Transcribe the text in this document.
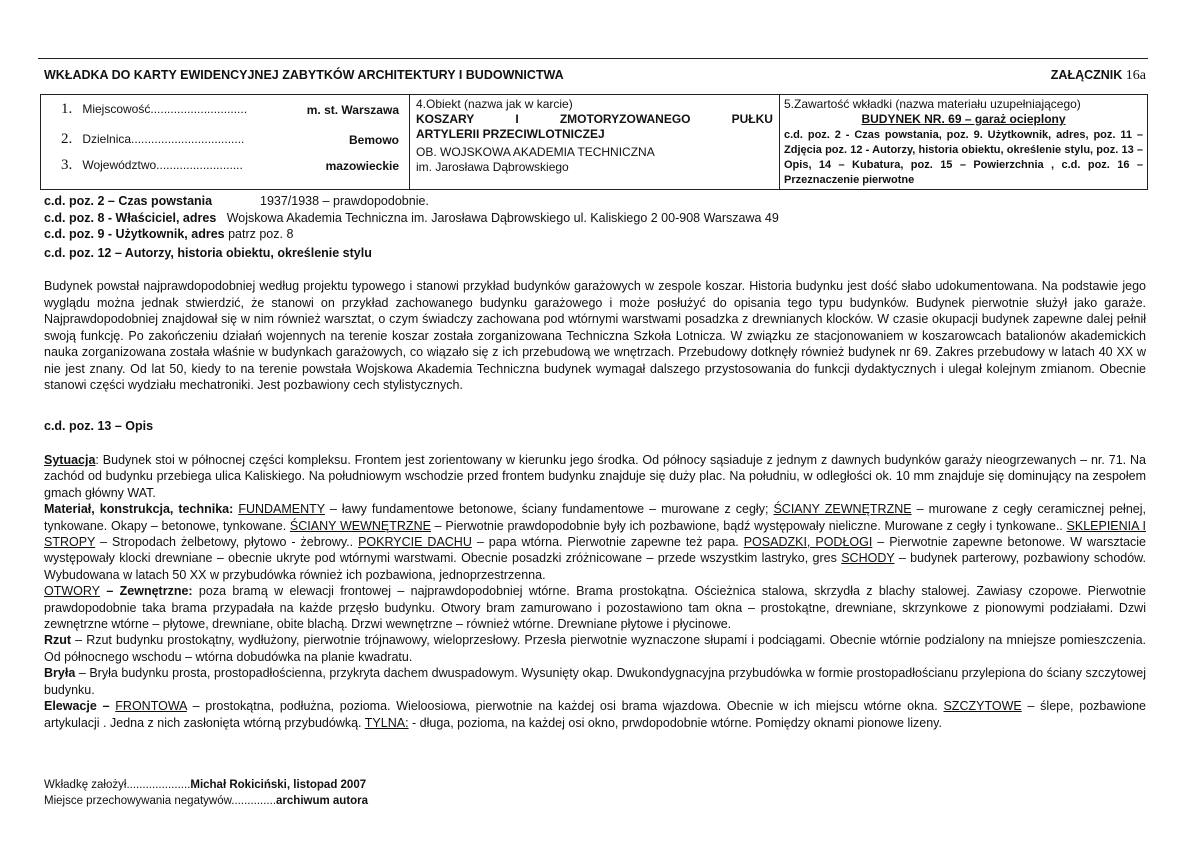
WKŁADKA DO KARTY EWIDENCYJNEJ ZABYTKÓW ARCHITEKTURY I BUDOWNICTWA	ZAŁĄCZNIK 16a
1. Miejscowość.............................	m. st. Warszawa
2. Dzielnica..................................	Bemowo
3. Województwo..........................	mazowieckie
4.Obiekt (nazwa jak w karcie)
KOSZARY	I	ZMOTORYZOWANEGO	PUŁKU
ARTYLERII PRZECIWLOTNICZEJ
OB. WOJSKOWA AKADEMIA TECHNICZNA
im. Jarosława Dąbrowskiego
5.Zawartość wkładki (nazwa materiału uzupełniającego)
BUDYNEK NR. 69 – garaż ocieplony
c.d. poz. 2 - Czas powstania, poz. 9. Użytkownik, adres, poz. 11 – Zdjęcia poz. 12 - Autorzy, historia obiektu, określenie stylu, poz. 13 – Opis, 14 – Kubatura, poz. 15 – Powierzchnia , c.d. poz. 16 – Przeznaczenie pierwotne
c.d. poz. 2 – Czas powstania	1937/1938 – prawdopodobnie.
c.d. poz. 8 - Właściciel, adres Wojskowa Akademia Techniczna im. Jarosława Dąbrowskiego ul. Kaliskiego 2 00-908 Warszawa 49
c.d. poz. 9 - Użytkownik, adres patrz poz. 8
c.d. poz. 12 – Autorzy, historia obiektu, określenie stylu

Budynek powstał najprawdopodobniej według projektu typowego i stanowi przykład budynków garażowych w zespole koszar. Historia budynku jest dość słabo udokumentowana. Na podstawie jego wyglądu można jednak stwierdzić, że stanowi on przykład zachowanego budynku garażowego i może posłużyć do opisania tego typu budynków. Budynek pierwotnie służył jako garaże. Najprawdopodobniej znajdował się w nim również warsztat, o czym świadczy zachowana pod wtórnymi warstwami posadzka z drewnianych klocków. W czasie okupacji budynek zapewne dalej pełnił swoją funkcję. Po zakończeniu działań wojennych na terenie koszar została zorganizowana Techniczna Szkoła Lotnicza. W związku ze stacjonowaniem w koszarowcach batalionów akademickich nauka zorganizowana została właśnie w budynkach garażowych, co wiązało się z ich przebudową we wnętrzach. Przebudowy dotknęły również budynek nr 69. Zakres przebudowy w latach 40 XX w nie jest znany. Od lat 50, kiedy to na terenie powstała Wojskowa Akademia Techniczna budynek wymagał dalszego przystosowania do funkcji dydaktycznych i ulegał kolejnym zmianom. Obecnie stanowi części wydziału mechatroniki. Jest pozbawiony cech stylistycznych.

c.d. poz. 13 – Opis

Sytuacja: Budynek stoi w północnej części kompleksu. Frontem jest zorientowany w kierunku jego środka. Od północy sąsiaduje z jednym z dawnych budynków garaży nieogrzewanych – nr. 71. Na zachód od budynku przebiega ulica Kaliskiego. Na południowym wschodzie przed frontem budynku znajduje się duży plac. Na południu, w odległości ok. 10 mm znajduje się dominujący na zespołem gmach główny WAT.
Materiał, konstrukcja, technika: FUNDAMENTY – ławy fundamentowe betonowe, ściany fundamentowe – murowane z cegły; ŚCIANY ZEWNĘTRZNE – murowane z cegły ceramicznej pełnej, tynkowane. Okapy – betonowe, tynkowane. ŚCIANY WEWNĘTRZNE – Pierwotnie prawdopodobnie były ich pozbawione, bądź występowały nieliczne. Murowane z cegły i tynkowane.. SKLEPIENIA I STROPY – Stropodach żelbetowy, płytowo - żebrowy.. POKRYCIE DACHU – papa wtórna. Pierwotnie zapewne też papa. POSADZKI, PODŁOGI – Pierwotnie zapewne betonowe. W warsztacie występowały klocki drewniane – obecnie ukryte pod wtórnymi warstwami. Obecnie posadzki zróżnicowane – przede wszystkim lastryko, gres SCHODY – budynek parterowy, pozbawiony schodów. Wybudowana w latach 50 XX w przybudówka również ich pozbawiona, jednoprzestrzenna.
OTWORY – Zewnętrzne: poza bramą w elewacji frontowej – najprawdopodobniej wtórne. Brama prostokątna. Ościeżnica stalowa, skrzydła z blachy stalowej. Zawiasy czopowe. Pierwotnie prawdopodobnie taka brama przypadała na każde przęsło budynku. Otwory bram zamurowano i pozostawiono tam okna – prostokątne, drewniane, skrzynkowe z pionowymi podziałami. Dzwi zewnętrzne wtórne – płytowe, drewniane, obite blachą. Drzwi wewnętrzne – również wtórne. Drewniane płytowe i płycinowe.
Rzut – Rzut budynku prostokątny, wydłużony, pierwotnie trójnawowy, wieloprzesłowy. Przesła pierwotnie wyznaczone słupami i podciągami. Obecnie wtórnie podzialony na mniejsze pomieszczenia. Od północnego wschodu – wtórna dobudówka na planie kwadratu.
Bryła – Bryła budynku prosta, prostopadłościenna, przykryta dachem dwuspadowym. Wysunięty okap. Dwukondygnacyjna przybudówka w formie prostopadłościanu przylepiona do ściany szczytowej budynku.
Elewacje – FRONTOWA – prostokątna, podłużna, pozioma. Wieloosiowa, pierwotnie na każdej osi brama wjazdowa. Obecnie w ich miejscu wtórne okna. SZCZYTOWE – ślepe, pozbawione artykulacji . Jedna z nich zasłonięta wtórną przybudówką. TYLNA: - długa, pozioma, na każdej osi okno, prwdopodobnie wtórne. Pomiędzy oknami pionowe lizeny.

Wkładkę założył....................Michał Rokiciński, listopad 2007
Miejsce przechowywania negatywów..............archiwum autora
